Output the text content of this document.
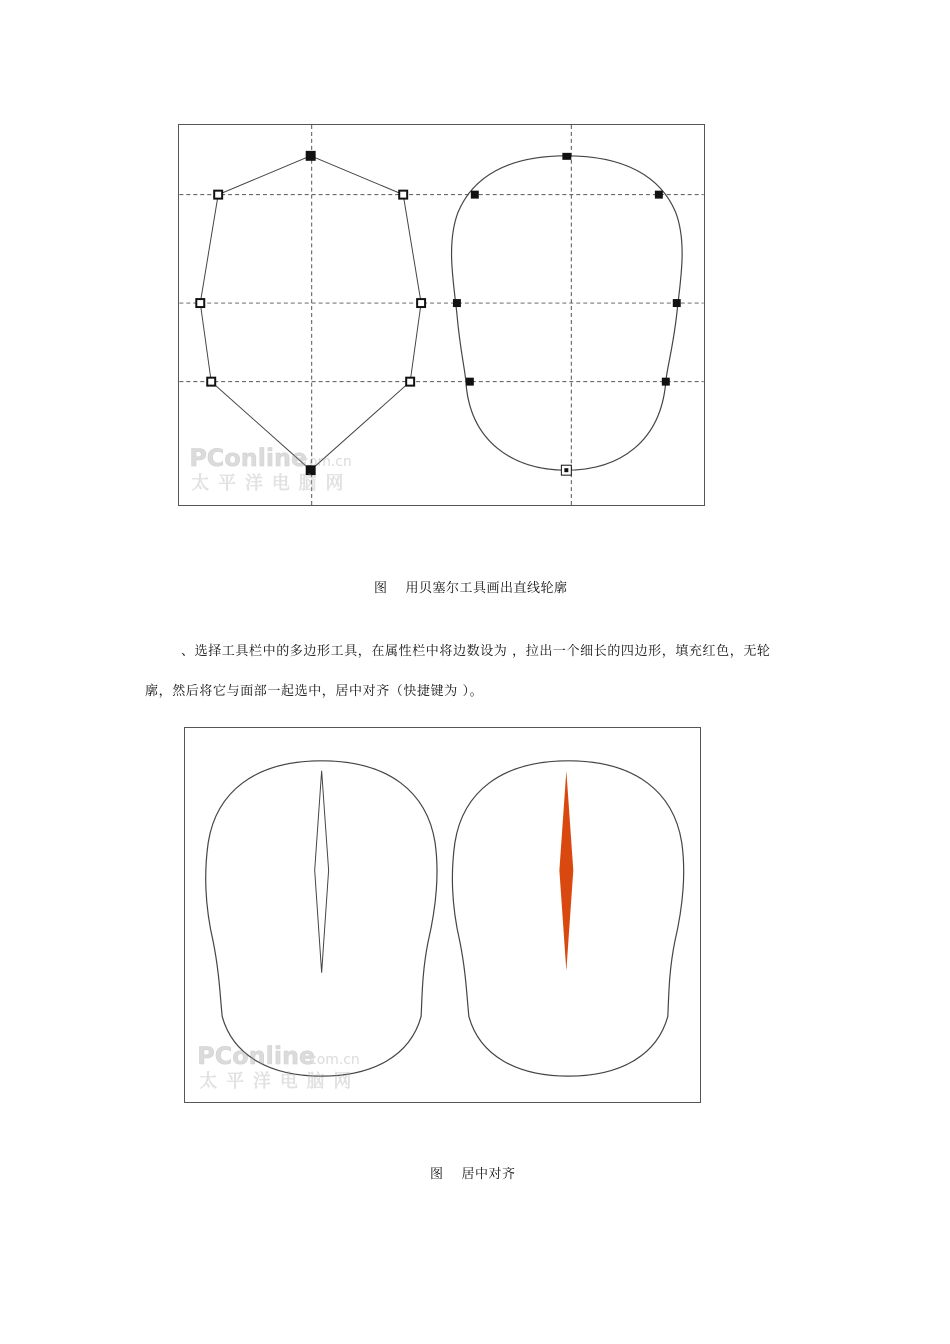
PConline
.com.cn
太平洋电脑网
图 用贝塞尔工具画出直线轮廓
、选择工具栏中的多边形工具，在属性栏中将边数设为 ，拉出一个细长的四边形，填充红色，无轮
廓，然后将它与面部一起选中，居中对齐（快捷键为 ）。
PConline
.com.cn
太平洋电脑网
图 居中对齐
